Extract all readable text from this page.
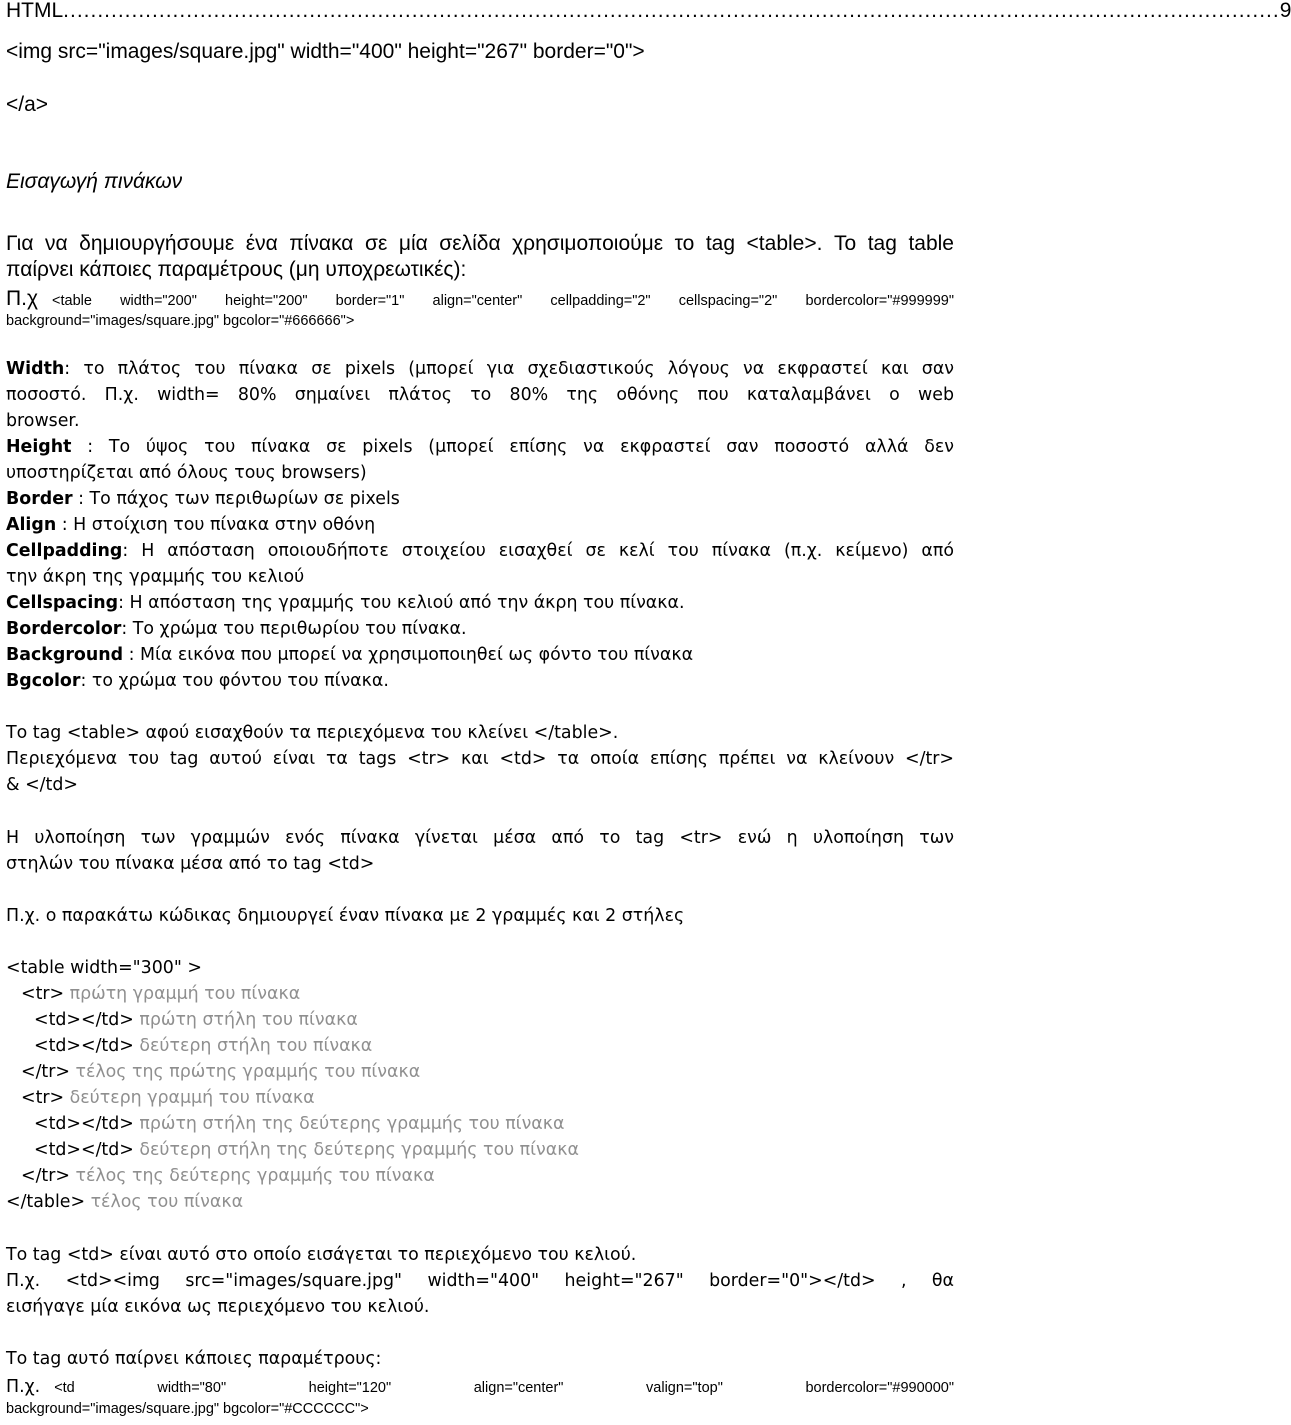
HTML .................................................................................................................................................................................. 9
<img src="images/square.jpg" width="400" height="267" border="0">
</a>
Εισαγωγή πινάκων
Για να δημιουργήσουμε ένα πίνακα σε μία σελίδα χρησιμοποιούμε το tag <table>. Το tag table
παίρνει κάποιες παραμέτρους (μη υποχρεωτικές):
Π.χ <table width="200" height="200" border="1" align="center" cellpadding="2" cellspacing="2" bordercolor="#999999"
background="images/square.jpg" bgcolor="#666666">
Width: το πλάτος του πίνακα σε pixels (μπορεί για σχεδιαστικούς λόγους να εκφραστεί και σαν
ποσοστό. Π.χ. width= 80% σημαίνει πλάτος το 80% της οθόνης που καταλαμβάνει ο web
browser.
Height : Το ύψος του πίνακα σε pixels (μπορεί επίσης να εκφραστεί σαν ποσοστό αλλά δεν
υποστηρίζεται από όλους τους browsers)
Border : Το πάχος των περιθωρίων σε pixels
Align : Η στοίχιση του πίνακα στην οθόνη
Cellpadding: Η απόσταση οποιουδήποτε στοιχείου εισαχθεί σε κελί του πίνακα (π.χ. κείμενο) από
την άκρη της γραμμής του κελιού
Cellspacing: Η απόσταση της γραμμής του κελιού από την άκρη του πίνακα.
Bordercolor: Το χρώμα του περιθωρίου του πίνακα.
Background : Μία εικόνα που μπορεί να χρησιμοποιηθεί ως φόντο του πίνακα
Bgcolor: το χρώμα του φόντου του πίνακα.
Το tag <table> αφού εισαχθούν τα περιεχόμενα του κλείνει </table>.
Περιεχόμενα του tag αυτού είναι τα tags <tr> και <td> τα οποία επίσης πρέπει να κλείνουν </tr>
& </td>
Η υλοποίηση των γραμμών ενός πίνακα γίνεται μέσα από το tag <tr> ενώ η υλοποίηση των
στηλών του πίνακα μέσα από το tag <td>
Π.χ. ο παρακάτω κώδικας δημιουργεί έναν πίνακα με 2 γραμμές και 2 στήλες
<table width="300" >
<tr> πρώτη γραμμή του πίνακα
<td></td> πρώτη στήλη του πίνακα
<td></td> δεύτερη στήλη του πίνακα
</tr> τέλος της πρώτης γραμμής του πίνακα
<tr> δεύτερη γραμμή του πίνακα
<td></td> πρώτη στήλη της δεύτερης γραμμής του πίνακα
<td></td> δεύτερη στήλη της δεύτερης γραμμής του πίνακα
</tr> τέλος της δεύτερης γραμμής του πίνακα
</table> τέλος του πίνακα
Το tag <td> είναι αυτό στο οποίο εισάγεται το περιεχόμενο του κελιού.
Π.χ. <td><img src="images/square.jpg" width="400" height="267" border="0"></td> , θα
εισήγαγε μία εικόνα ως περιεχόμενο του κελιού.
Το tag αυτό παίρνει κάποιες παραμέτρους:
Π.χ. <td width="80" height="120" align="center" valign="top" bordercolor="#990000"
background="images/square.jpg" bgcolor="#CCCCCC">
